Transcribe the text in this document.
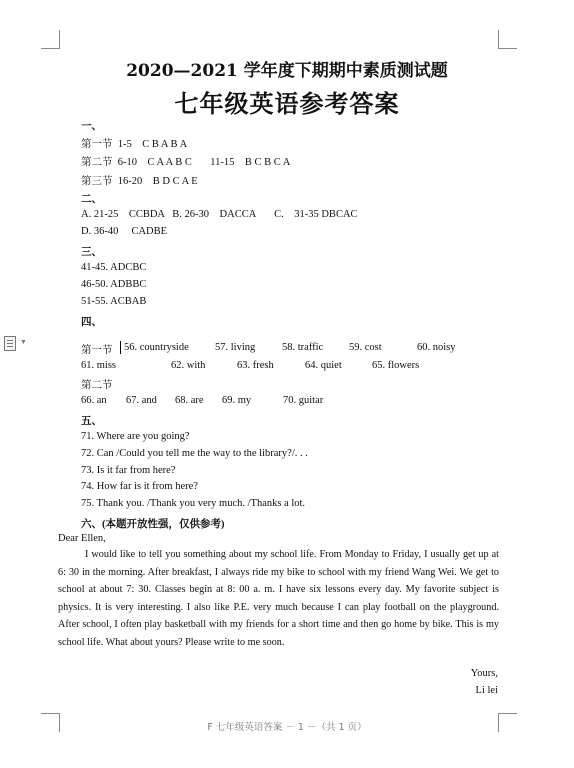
▼
2020—2021 学年度下期期中素质测试题
七年级英语参考答案
一、
第一节  1-5    C B A B A
第二节  6-10    C A A B C       11-15    B C B C A
第三节  16-20    B D C A E
二、
A. 21-25    CCBDA   B. 26-30    DACCA       C.    31-35 DBCAC
D. 36-40     CADBE
三、
41-45. ADCBC
46-50. ADBBC
51-55. ACBAB
四、
第一节 56. countryside	57. living	58. traffic 59. cost	60. noisy
61. miss	62. with	63. fresh	64. quiet	65. flowers
第二节
66. an 67. and 68. are 69. my	70. guitar
五、
71. Where are you going?
72. Can /Could you tell me the way to the library?/. . .
73. Is it far from here?
74. How far is it from here?
75. Thank you. /Thank you very much. /Thanks a lot.
六、(本题开放性强，仅供参考)
Dear Ellen,
I would like to tell you something about my school life. From Monday to Friday, I usually get up at 6: 30 in the morning. After breakfast, I always ride my bike to school with my friend Wang Wei. We get to school at about 7: 30. Classes begin at 8: 00 a. m. I have six lessons every day. My favorite subject is physics. It is very interesting. I also like P.E. very much because I can play football on the playground. After school, I often play basketball with my friends for a short time and then go home by bike. This is my school life. What about yours? Please write to me soon.
Yours,
Li lei
F 七年级英语答案 － 1 －（共 1 页）
